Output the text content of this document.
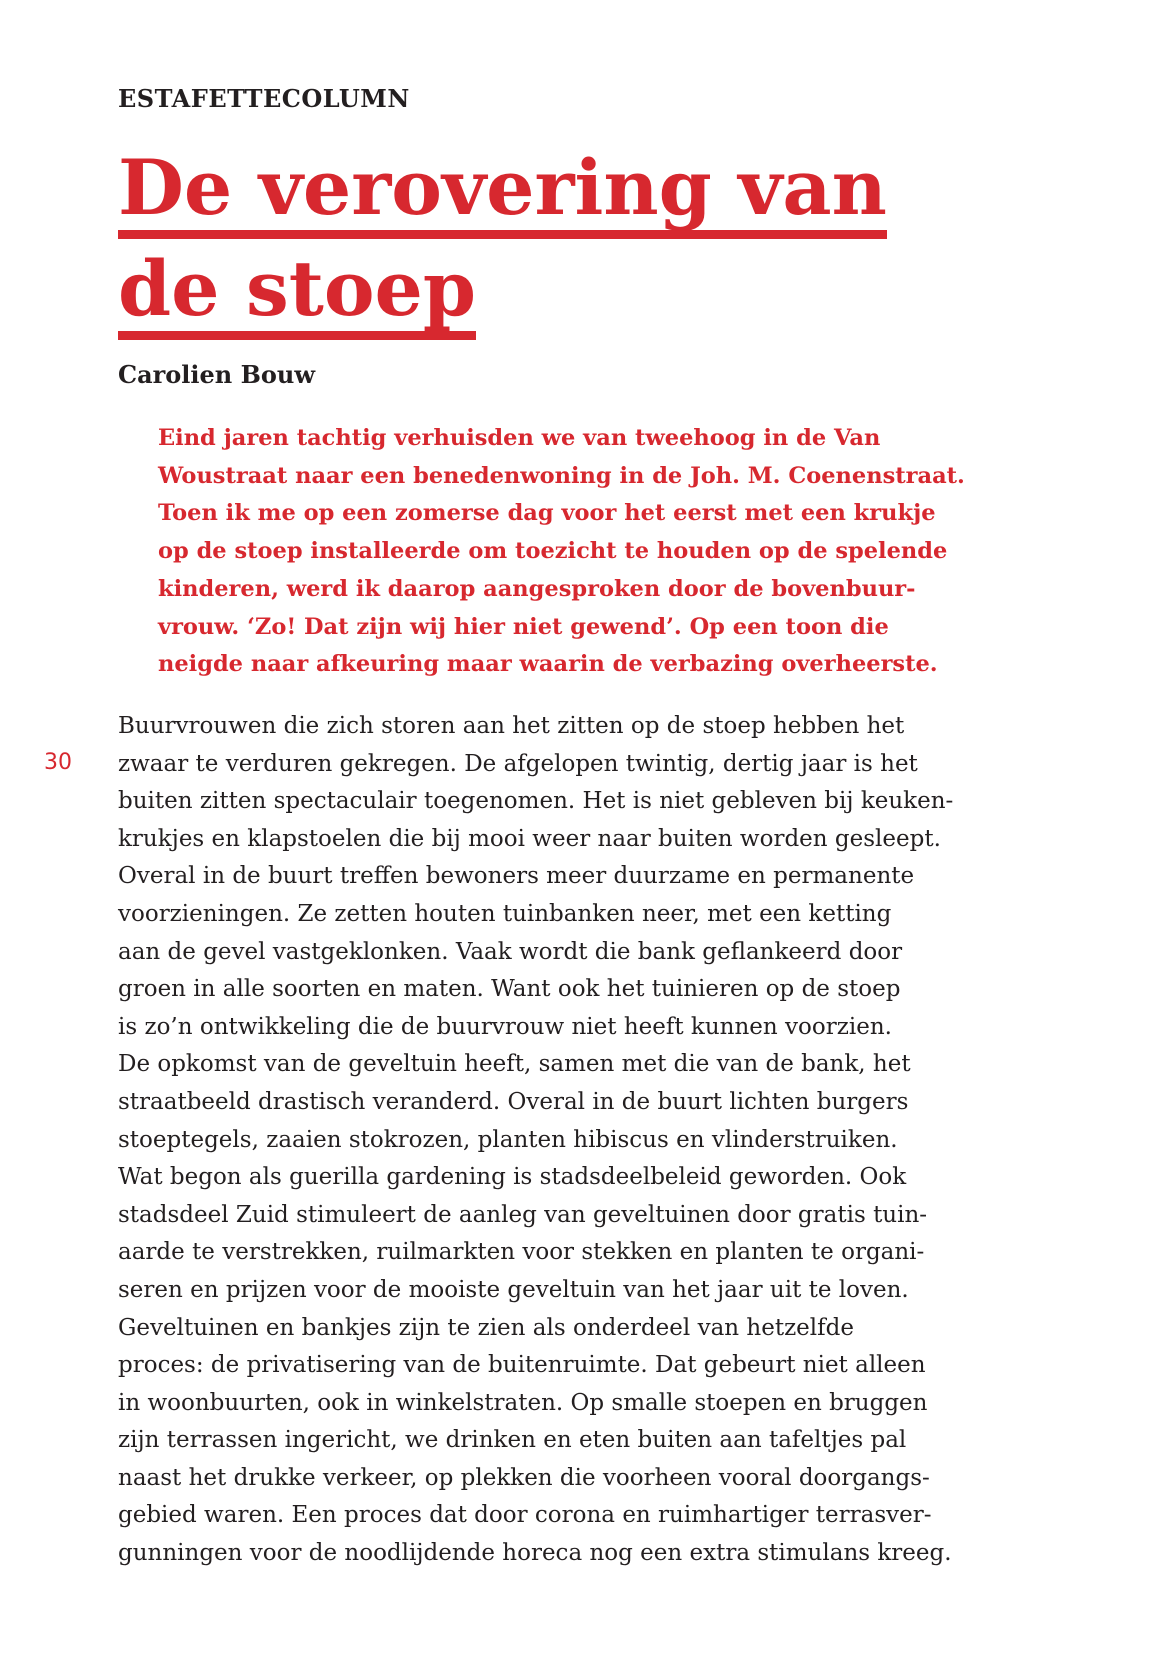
ESTAFETTECOLUMN

De verovering van
de stoep

Carolien Bouw

Eind jaren tachtig verhuisden we van tweehoog in de Van
Woustraat naar een benedenwoning in de Joh. M. Coenenstraat.
Toen ik me op een zomerse dag voor het eerst met een krukje
op de stoep installeerde om toezicht te houden op de spelende
kinderen, werd ik daarop aangesproken door de bovenbuur-
vrouw. ‘Zo! Dat zijn wij hier niet gewend’. Op een toon die
neigde naar afkeuring maar waarin de verbazing overheerste.

30

Buurvrouwen die zich storen aan het zitten op de stoep hebben het
zwaar te verduren gekregen. De afgelopen twintig, dertig jaar is het
buiten zitten spectaculair toegenomen. Het is niet gebleven bij keuken-
krukjes en klapstoelen die bij mooi weer naar buiten worden gesleept.
Overal in de buurt treffen bewoners meer duurzame en permanente
voorzieningen. Ze zetten houten tuinbanken neer, met een ketting
aan de gevel vastgeklonken. Vaak wordt die bank geflankeerd door
groen in alle soorten en maten. Want ook het tuinieren op de stoep
is zo’n ontwikkeling die de buurvrouw niet heeft kunnen voorzien.
De opkomst van de geveltuin heeft, samen met die van de bank, het
straatbeeld drastisch veranderd. Overal in de buurt lichten burgers
stoeptegels, zaaien stokrozen, planten hibiscus en vlinderstruiken.
Wat begon als guerilla gardening is stadsdeelbeleid geworden. Ook
stadsdeel Zuid stimuleert de aanleg van geveltuinen door gratis tuin-
aarde te verstrekken, ruilmarkten voor stekken en planten te organi-
seren en prijzen voor de mooiste geveltuin van het jaar uit te loven.
Geveltuinen en bankjes zijn te zien als onderdeel van hetzelfde
proces: de privatisering van de buitenruimte. Dat gebeurt niet alleen
in woonbuurten, ook in winkelstraten. Op smalle stoepen en bruggen
zijn terrassen ingericht, we drinken en eten buiten aan tafeltjes pal
naast het drukke verkeer, op plekken die voorheen vooral doorgangs-
gebied waren. Een proces dat door corona en ruimhartiger terrasver-
gunningen voor de noodlijdende horeca nog een extra stimulans kreeg.
